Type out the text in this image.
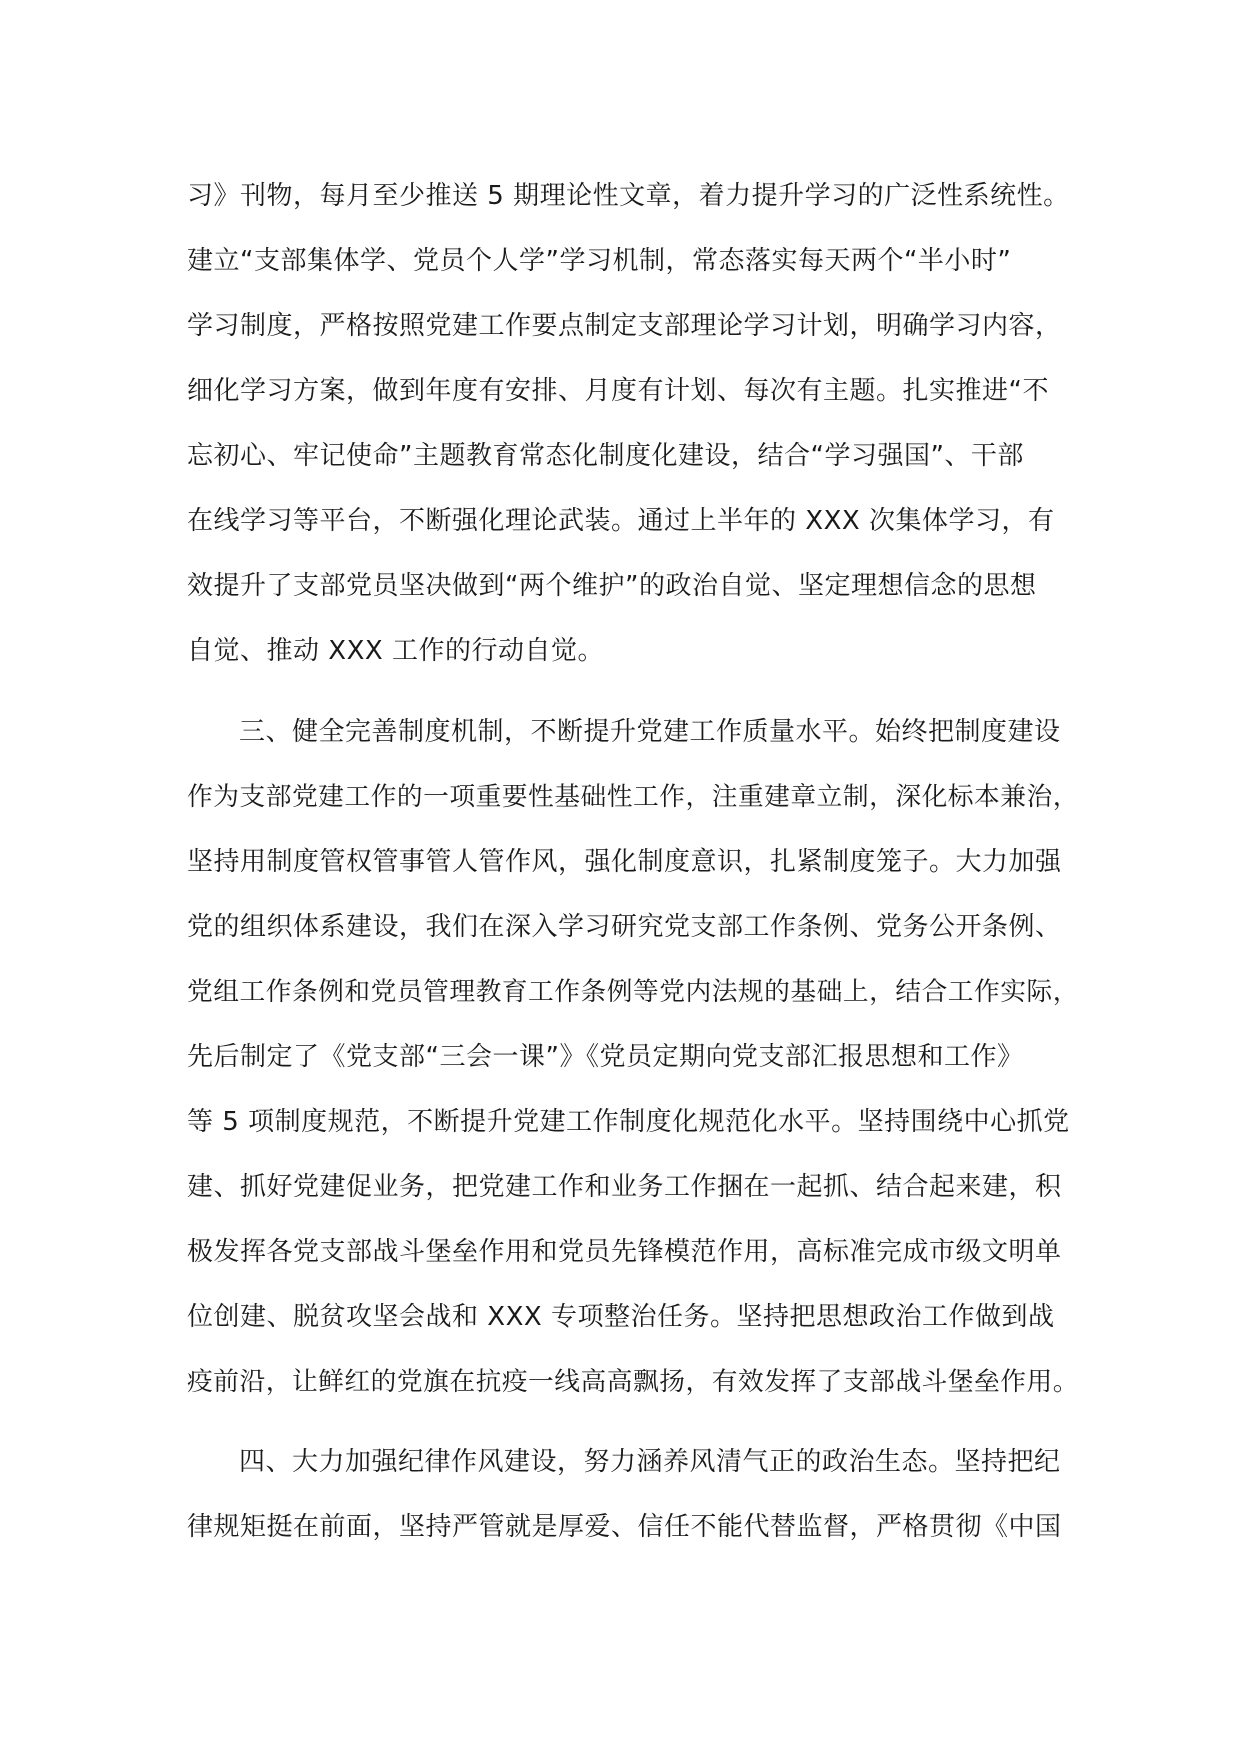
习》刊物，每月至少推送 5 期理论性文章，着力提升学习的广泛性系统性。
建立“支部集体学、党员个人学”学习机制，常态落实每天两个“半小时”
学习制度，严格按照党建工作要点制定支部理论学习计划，明确学习内容，
细化学习方案，做到年度有安排、月度有计划、每次有主题。扎实推进“不
忘初心、牢记使命”主题教育常态化制度化建设，结合“学习强国”、干部
在线学习等平台，不断强化理论武装。通过上半年的 XXX 次集体学习，有
效提升了支部党员坚决做到“两个维护”的政治自觉、坚定理想信念的思想
自觉、推动 XXX 工作的行动自觉。
三、健全完善制度机制，不断提升党建工作质量水平。始终把制度建设
作为支部党建工作的一项重要性基础性工作，注重建章立制，深化标本兼治，
坚持用制度管权管事管人管作风，强化制度意识，扎紧制度笼子。大力加强
党的组织体系建设，我们在深入学习研究党支部工作条例、党务公开条例、
党组工作条例和党员管理教育工作条例等党内法规的基础上，结合工作实际，
先后制定了《党支部“三会一课”》《党员定期向党支部汇报思想和工作》
等 5 项制度规范，不断提升党建工作制度化规范化水平。坚持围绕中心抓党
建、抓好党建促业务，把党建工作和业务工作捆在一起抓、结合起来建，积
极发挥各党支部战斗堡垒作用和党员先锋模范作用，高标准完成市级文明单
位创建、脱贫攻坚会战和 XXX 专项整治任务。坚持把思想政治工作做到战
疫前沿，让鲜红的党旗在抗疫一线高高飘扬，有效发挥了支部战斗堡垒作用。
四、大力加强纪律作风建设，努力涵养风清气正的政治生态。坚持把纪
律规矩挺在前面，坚持严管就是厚爱、信任不能代替监督，严格贯彻《中国
